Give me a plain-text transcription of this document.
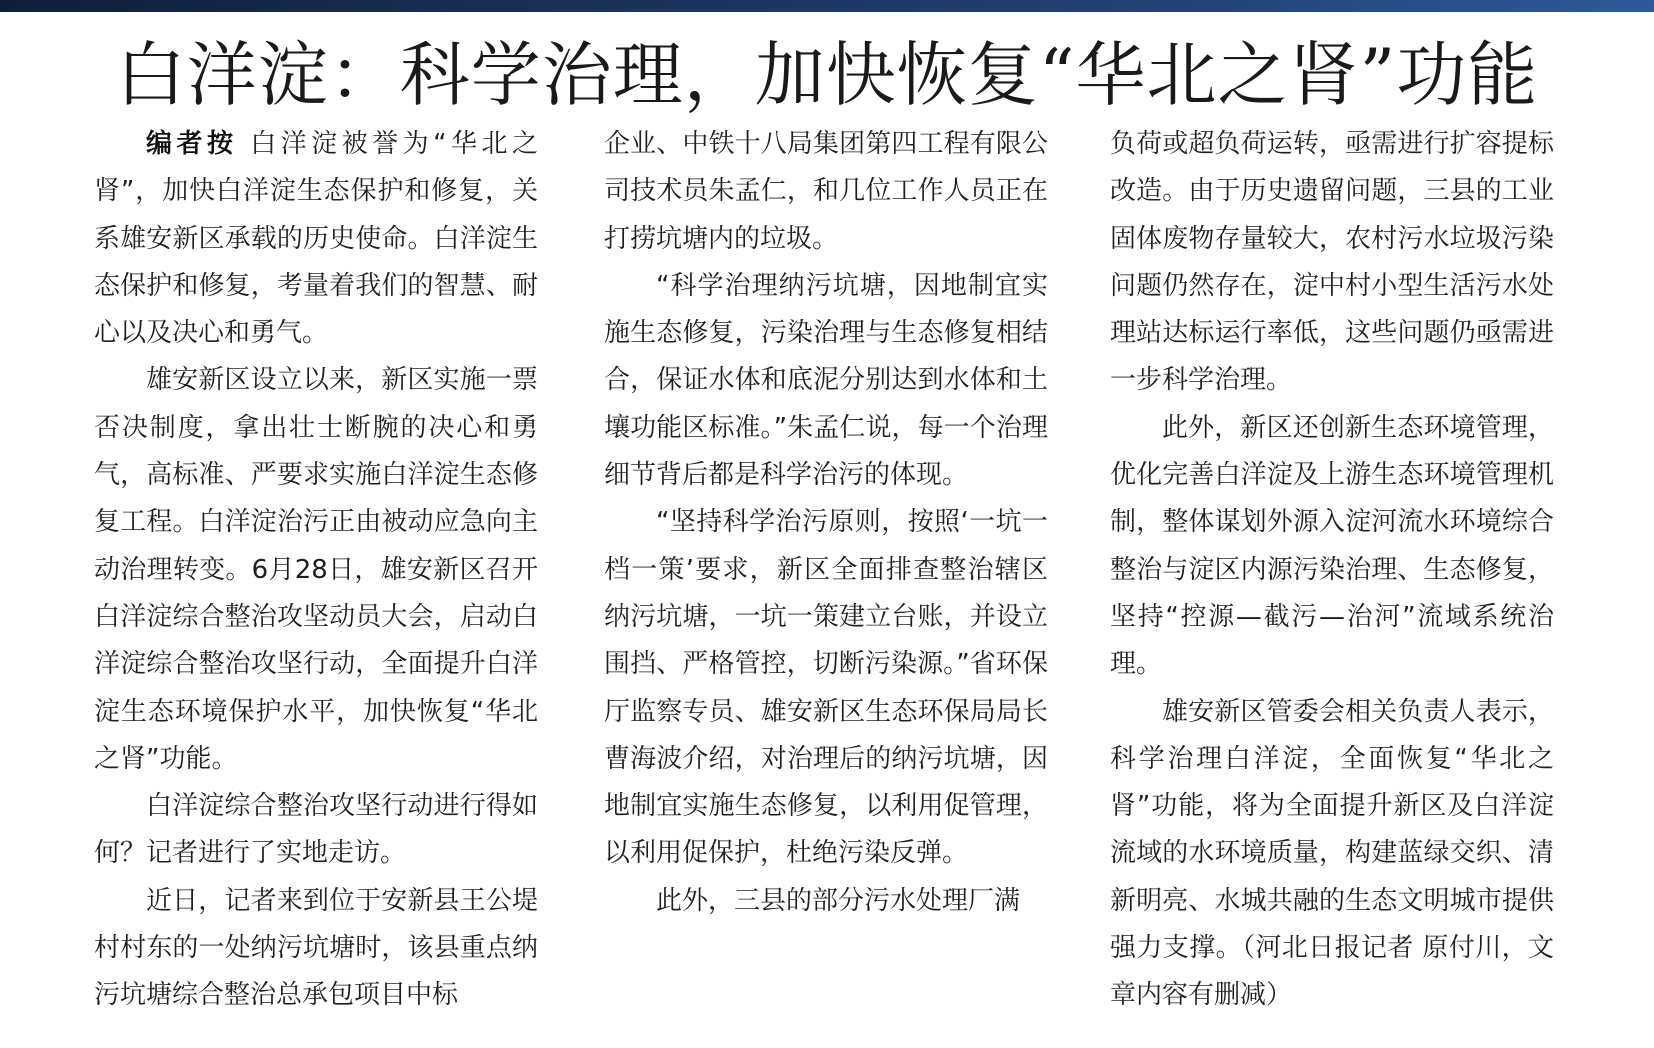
白洋淀：科学治理，加快恢复“华北之肾”功能

编者按 白洋淀被誉为“华北之肾”，加快白洋淀生态保护和修复，关系雄安新区承载的历史使命。白洋淀生态保护和修复，考量着我们的智慧、耐心以及决心和勇气。

雄安新区设立以来，新区实施一票否决制度，拿出壮士断腕的决心和勇气，高标准、严要求实施白洋淀生态修复工程。白洋淀治污正由被动应急向主动治理转变。6月28日，雄安新区召开白洋淀综合整治攻坚动员大会，启动白洋淀综合整治攻坚行动，全面提升白洋淀生态环境保护水平，加快恢复“华北之肾”功能。

白洋淀综合整治攻坚行动进行得如何？记者进行了实地走访。

近日，记者来到位于安新县王公堤村村东的一处纳污坑塘时，该县重点纳污坑塘综合整治总承包项目中标

企业、中铁十八局集团第四工程有限公司技术员朱孟仁，和几位工作人员正在打捞坑塘内的垃圾。

“科学治理纳污坑塘，因地制宜实施生态修复，污染治理与生态修复相结合，保证水体和底泥分别达到水体和土壤功能区标准。”朱孟仁说，每一个治理细节背后都是科学治污的体现。

“坚持科学治污原则，按照‘一坑一档一策’要求，新区全面排查整治辖区纳污坑塘，一坑一策建立台账，并设立围挡、严格管控，切断污染源。”省环保厅监察专员、雄安新区生态环保局局长曹海波介绍，对治理后的纳污坑塘，因地制宜实施生态修复，以利用促管理，以利用促保护，杜绝污染反弹。

此外，三县的部分污水处理厂满

负荷或超负荷运转，亟需进行扩容提标改造。由于历史遗留问题，三县的工业固体废物存量较大，农村污水垃圾污染问题仍然存在，淀中村小型生活污水处理站达标运行率低，这些问题仍亟需进一步科学治理。

此外，新区还创新生态环境管理，优化完善白洋淀及上游生态环境管理机制，整体谋划外源入淀河流水环境综合整治与淀区内源污染治理、生态修复，坚持“控源—截污—治河”流域系统治理。

雄安新区管委会相关负责人表示，科学治理白洋淀，全面恢复“华北之肾”功能，将为全面提升新区及白洋淀流域的水环境质量，构建蓝绿交织、清新明亮、水城共融的生态文明城市提供强力支撑。（河北日报记者 原付川，文章内容有删减）
